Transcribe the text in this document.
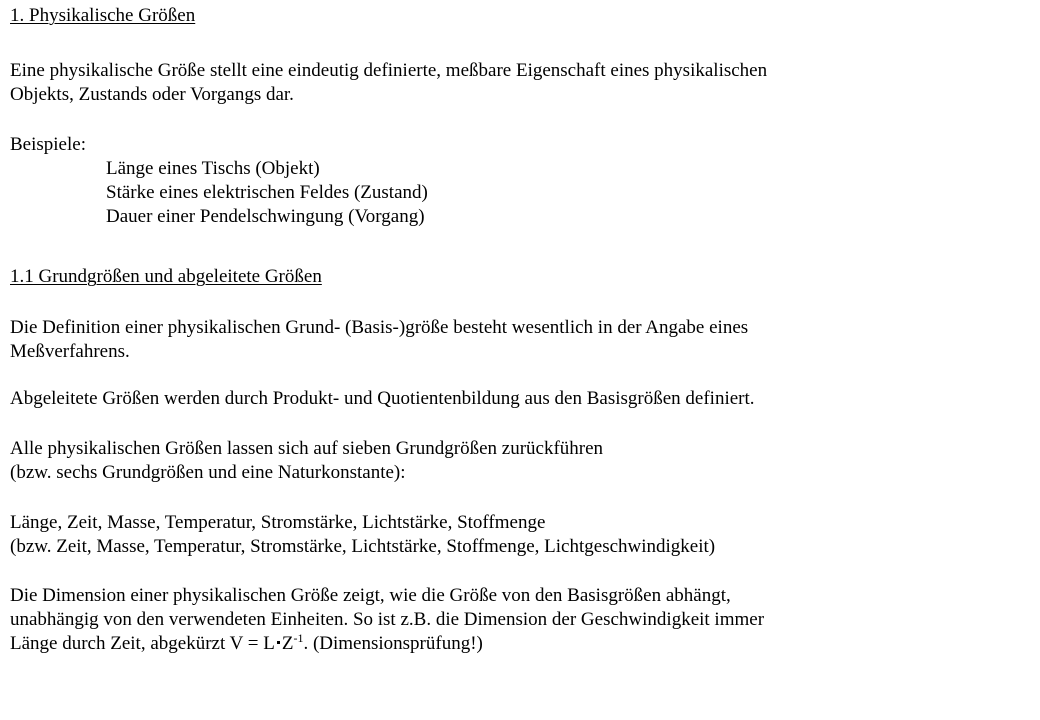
1. Physikalische Größen
Eine physikalische Größe stellt eine eindeutig definierte, meßbare Eigenschaft eines physikalischen
Objekts, Zustands oder Vorgangs dar.
Beispiele:
Länge eines Tischs (Objekt)
Stärke eines elektrischen Feldes (Zustand)
Dauer einer Pendelschwingung (Vorgang)
1.1 Grundgrößen und abgeleitete Größen
Die Definition einer physikalischen Grund- (Basis-)größe besteht wesentlich in der Angabe eines
Meßverfahrens.
Abgeleitete Größen werden durch Produkt- und Quotientenbildung aus den Basisgrößen definiert.
Alle physikalischen Größen lassen sich auf sieben Grundgrößen zurückführen
(bzw. sechs Grundgrößen und eine Naturkonstante):
Länge, Zeit, Masse, Temperatur, Stromstärke, Lichtstärke, Stoffmenge
(bzw. Zeit, Masse, Temperatur, Stromstärke, Lichtstärke, Stoffmenge, Lichtgeschwindigkeit)
Die Dimension einer physikalischen Größe zeigt, wie die Größe von den Basisgrößen abhängt,
unabhängig von den verwendeten Einheiten. So ist z.B. die Dimension der Geschwindigkeit immer
Länge durch Zeit, abgekürzt V = L $Z^{-1}$. (Dimensionsprüfung!)
